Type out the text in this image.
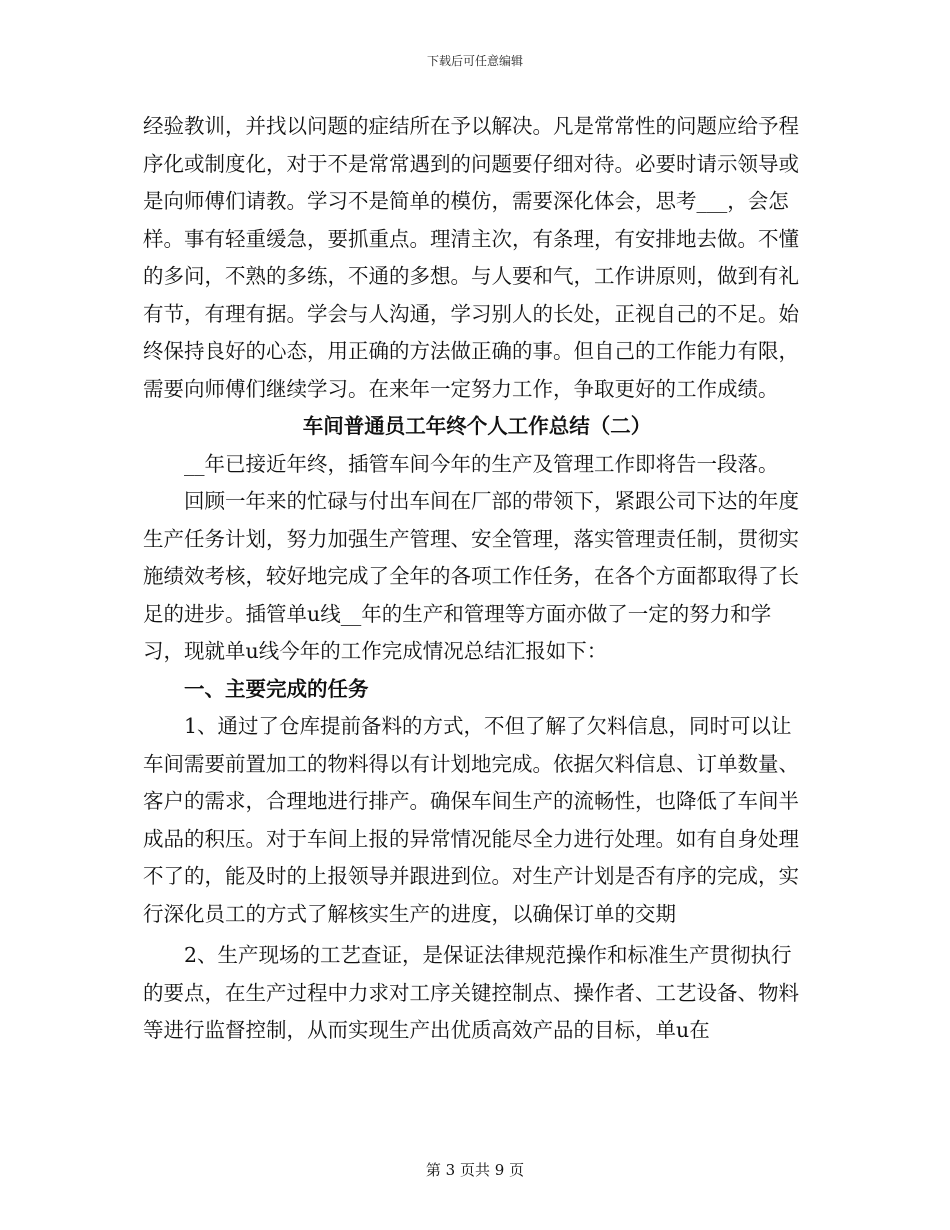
下载后可任意编辑

经验教训，并找以问题的症结所在予以解决。凡是常常性的问题应给予程序化或制度化，对于不是常常遇到的问题要仔细对待。必要时请示领导或是向师傅们请教。学习不是简单的模仿，需要深化体会，思考___，会怎样。事有轻重缓急，要抓重点。理清主次，有条理，有安排地去做。不懂的多问，不熟的多练，不通的多想。与人要和气，工作讲原则，做到有礼有节，有理有据。学会与人沟通，学习别人的长处，正视自己的不足。始终保持良好的心态，用正确的方法做正确的事。但自己的工作能力有限，需要向师傅们继续学习。在来年一定努力工作，争取更好的工作成绩。

车间普通员工年终个人工作总结（二）

__年已接近年终，插管车间今年的生产及管理工作即将告一段落。

回顾一年来的忙碌与付出车间在厂部的带领下，紧跟公司下达的年度生产任务计划，努力加强生产管理、安全管理，落实管理责任制，贯彻实施绩效考核，较好地完成了全年的各项工作任务，在各个方面都取得了长足的进步。插管单u线__年的生产和管理等方面亦做了一定的努力和学习，现就单u线今年的工作完成情况总结汇报如下：

一、主要完成的任务

1、通过了仓库提前备料的方式，不但了解了欠料信息，同时可以让车间需要前置加工的物料得以有计划地完成。依据欠料信息、订单数量、客户的需求，合理地进行排产。确保车间生产的流畅性，也降低了车间半成品的积压。对于车间上报的异常情况能尽全力进行处理。如有自身处理不了的，能及时的上报领导并跟进到位。对生产计划是否有序的完成，实行深化员工的方式了解核实生产的进度，以确保订单的交期

2、生产现场的工艺查证，是保证法律规范操作和标准生产贯彻执行的要点，在生产过程中力求对工序关键控制点、操作者、工艺设备、物料等进行监督控制，从而实现生产出优质高效产品的目标，单u在

第 3 页共 9 页
